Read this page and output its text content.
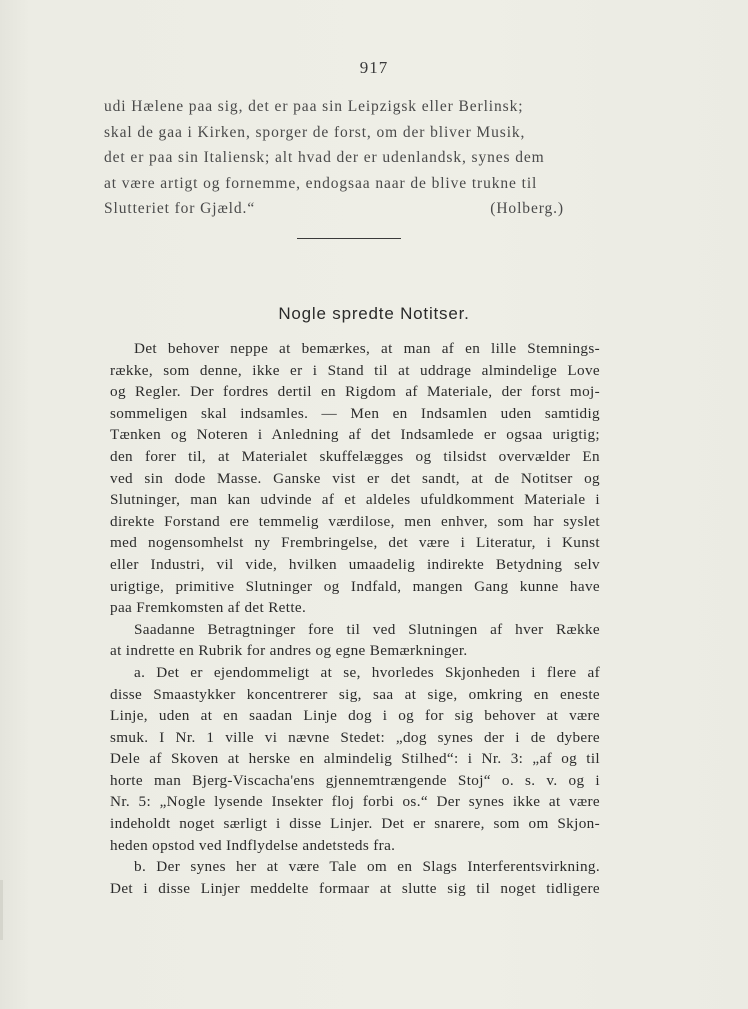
917
udi Hælene paa sig, det er paa sin Leipzigsk eller Berlinsk;
skal de gaa i Kirken, sporger de forst, om der bliver Musik,
det er paa sin Italiensk; alt hvad der er udenlandsk, synes dem
at være artigt og fornemme, endogsaa naar de blive trukne til
Slutteriet for Gjæld.“	(Holberg.)
Nogle spredte Notitser.
Det behover neppe at bemærkes, at man af en lille Stemnings-
række, som denne, ikke er i Stand til at uddrage almindelige Love
og Regler. Der fordres dertil en Rigdom af Materiale, der forst moj-
sommeligen skal indsamles. — Men en Indsamlen uden samtidig
Tænken og Noteren i Anledning af det Indsamlede er ogsaa urigtig;
den forer til, at Materialet skuffelægges og tilsidst overvælder En
ved sin dode Masse. Ganske vist er det sandt, at de Notitser og
Slutninger, man kan udvinde af et aldeles ufuldkomment Materiale i
direkte Forstand ere temmelig værdilose, men enhver, som har syslet
med nogensomhelst ny Frembringelse, det være i Literatur, i Kunst
eller Industri, vil vide, hvilken umaadelig indirekte Betydning selv
urigtige, primitive Slutninger og Indfald, mangen Gang kunne have
paa Fremkomsten af det Rette.
Saadanne Betragtninger fore til ved Slutningen af hver Række
at indrette en Rubrik for andres og egne Bemærkninger.
a. Det er ejendommeligt at se, hvorledes Skjonheden i flere af
disse Smaastykker koncentrerer sig, saa at sige, omkring en eneste
Linje, uden at en saadan Linje dog i og for sig behover at være
smuk. I Nr. 1 ville vi nævne Stedet: „dog synes der i de dybere
Dele af Skoven at herske en almindelig Stilhed“: i Nr. 3: „af og til
horte man Bjerg-Viscacha'ens gjennemtrængende Stoj“ o. s. v. og i
Nr. 5: „Nogle lysende Insekter floj forbi os.“ Der synes ikke at være
indeholdt noget særligt i disse Linjer. Det er snarere, som om Skjon-
heden opstod ved Indflydelse andetsteds fra.
b. Der synes her at være Tale om en Slags Interferentsvirkning.
Det i disse Linjer meddelte formaar at slutte sig til noget tidligere
